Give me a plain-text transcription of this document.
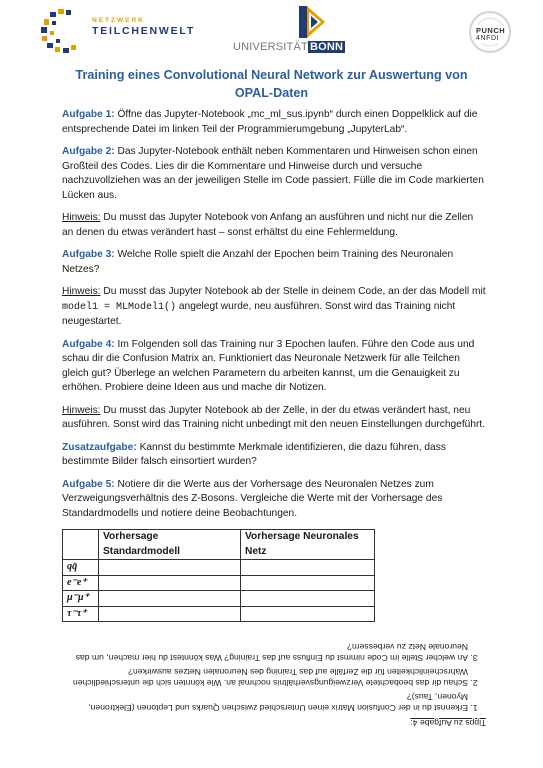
NETZWERK
TEILCHENWELT
UNIVERSITÄT BONN
PUNCH
4NFDI
Training eines Convolutional Neural Network zur Auswertung von OPAL-Daten

Aufgabe 1: Öffne das Jupyter-Notebook „mc_ml_sus.ipynb“ durch einen Doppelklick auf die entsprechende Datei im linken Teil der Programmierumgebung „JupyterLab“.

Aufgabe 2: Das Jupyter-Notebook enthält neben Kommentaren und Hinweisen schon einen Großteil des Codes. Lies dir die Kommentare und Hinweise durch und versuche nachzuvollziehen was an der jeweiligen Stelle im Code passiert. Fülle die im Code markierten Lücken aus.

Hinweis: Du musst das Jupyter Notebook von Anfang an ausführen und nicht nur die Zellen an denen du etwas verändert hast – sonst erhältst du eine Fehlermeldung.

Aufgabe 3: Welche Rolle spielt die Anzahl der Epochen beim Training des Neuronalen Netzes?

Hinweis: Du musst das Jupyter Notebook ab der Stelle in deinem Code, an der das Modell mit model1 = MLModel1() angelegt wurde, neu ausführen. Sonst wird das Training nicht neugestartet.

Aufgabe 4: Im Folgenden soll das Training nur 3 Epochen laufen. Führe den Code aus und schau dir die Confusion Matrix an. Funktioniert das Neuronale Netzwerk für alle Teilchen gleich gut? Überlege an welchen Parametern du arbeiten kannst, um die Genauigkeit zu erhöhen. Probiere deine Ideen aus und mache dir Notizen.

Hinweis: Du musst das Jupyter Notebook ab der Zelle, in der du etwas verändert hast, neu ausführen. Sonst wird das Training nicht unbedingt mit den neuen Einstellungen durchgeführt.

Zusatzaufgabe: Kannst du bestimmte Merkmale identifizieren, die dazu führen, dass bestimmte Bilder falsch einsortiert wurden?

Aufgabe 5: Notiere dir die Werte aus der Vorhersage des Neuronalen Netzes zum Verzweigungsverhältnis des Z-Bosons. Vergleiche die Werte mit der Vorhersage des Standardmodells und notiere deine Beobachtungen.

	Vorhersage Standardmodell	Vorhersage Neuronales Netz
qq̄		
e⁻e⁺		
μ⁻μ⁺		
τ⁻τ⁺		
Tipps zu Aufgabe 4:
1. Erkennst du in der Confusion Matrix einen Unterschied zwischen Quarks und Leptonen (Elektronen, Myonen, Taus)?
2. Schau dir das beobachtete Verzweigungsverhältnis nochmal an. Wie könnten sich die unterschiedlichen Wahrscheinlichkeiten für die Zerfälle auf das Training des Neuronalen Netzes auswirken?
3. An welcher Stelle im Code nimmst du Einfluss auf das Training? Was könntest du hier machen, um das Neuronale Netz zu verbessern?
